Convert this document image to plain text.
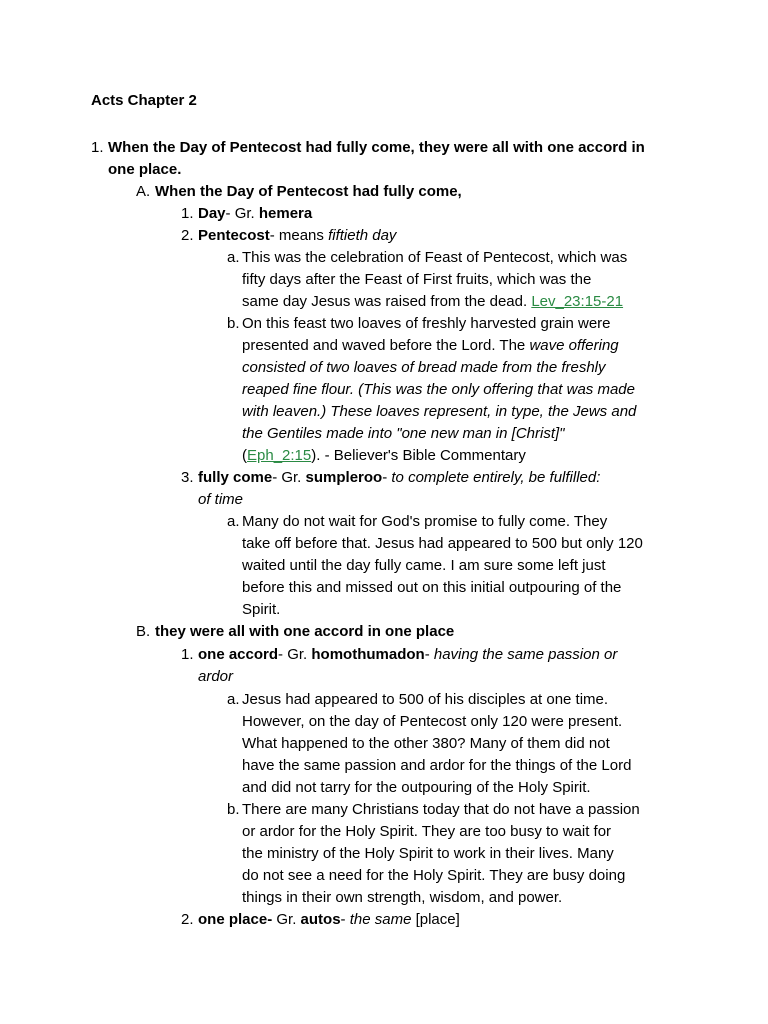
Acts Chapter 2
1. When the Day of Pentecost had fully come, they were all with one accord in
one place.
A. When the Day of Pentecost had fully come,
1. Day- Gr. hemera
2. Pentecost- means fiftieth day
a. This was the celebration of Feast of Pentecost, which was
fifty days after the Feast of First fruits, which was the
same day Jesus was raised from the dead. Lev_23:15-21
b. On this feast two loaves of freshly harvested grain were
presented and waved before the Lord. The wave offering
consisted of two loaves of bread made from the freshly
reaped fine flour. (This was the only offering that was made
with leaven.) These loaves represent, in type, the Jews and
the Gentiles made into "one new man in [Christ]"
(Eph_2:15). - Believer's Bible Commentary
3. fully come- Gr. sumpleroo- to complete entirely, be fulfilled:
of time
a. Many do not wait for God's promise to fully come. They
take off before that. Jesus had appeared to 500 but only 120
waited until the day fully came. I am sure some left just
before this and missed out on this initial outpouring of the
Spirit.
B. they were all with one accord in one place
1. one accord- Gr. homothumadon- having the same passion or
ardor
a. Jesus had appeared to 500 of his disciples at one time.
However, on the day of Pentecost only 120 were present.
What happened to the other 380? Many of them did not
have the same passion and ardor for the things of the Lord
and did not tarry for the outpouring of the Holy Spirit.
b. There are many Christians today that do not have a passion
or ardor for the Holy Spirit. They are too busy to wait for
the ministry of the Holy Spirit to work in their lives. Many
do not see a need for the Holy Spirit. They are busy doing
things in their own strength, wisdom, and power.
2. one place- Gr. autos- the same [place]
